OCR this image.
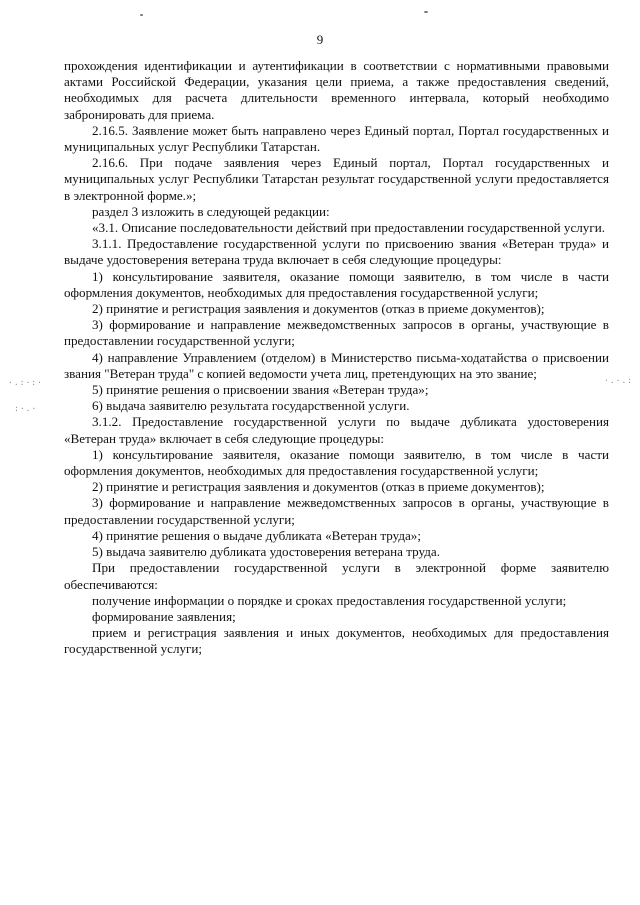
9

прохождения идентификации и аутентификации в соответствии с нормативными правовыми актами Российской Федерации, указания цели приема, а также предоставления сведений, необходимых для расчета длительности временного интервала, который необходимо забронировать для приема.

2.16.5. Заявление может быть направлено через Единый портал, Портал государственных и муниципальных услуг Республики Татарстан.

2.16.6. При подаче заявления через Единый портал, Портал государственных и муниципальных услуг Республики Татарстан результат государственной услуги предоставляется в электронной форме.»;

раздел 3 изложить в следующей редакции:

«3.1. Описание последовательности действий при предоставлении государственной услуги.

3.1.1. Предоставление государственной услуги по присвоению звания «Ветеран труда» и выдаче удостоверения ветерана труда включает в себя следующие процедуры:

1) консультирование заявителя, оказание помощи заявителю, в том числе в части оформления документов, необходимых для предоставления государственной услуги;

2) принятие и регистрация заявления и документов (отказ в приеме документов);

3) формирование и направление межведомственных запросов в органы, участвующие в предоставлении государственной услуги;

4) направление Управлением (отделом) в Министерство письма-ходатайства о присвоении звания "Ветеран труда" с копией ведомости учета лиц, претендующих на это звание;

5) принятие решения о присвоении звания «Ветеран труда»;

6) выдача заявителю результата государственной услуги.

3.1.2. Предоставление государственной услуги по выдаче дубликата удостоверения «Ветеран труда» включает в себя следующие процедуры:

1) консультирование заявителя, оказание помощи заявителю, в том числе в части оформления документов, необходимых для предоставления государственной услуги;

2) принятие и регистрация заявления и документов (отказ в приеме документов);

3) формирование и направление межведомственных запросов в органы, участвующие в предоставлении государственной услуги;

4) принятие решения о выдаче дубликата «Ветеран труда»;

5) выдача заявителю дубликата удостоверения ветерана труда.

При предоставлении государственной услуги в электронной форме заявителю обеспечиваются:

получение информации о порядке и сроках предоставления государственной услуги;

формирование заявления;

прием и регистрация заявления и иных документов, необходимых для предоставления государственной услуги;

·.:·:·
:·.·
·.·.:
